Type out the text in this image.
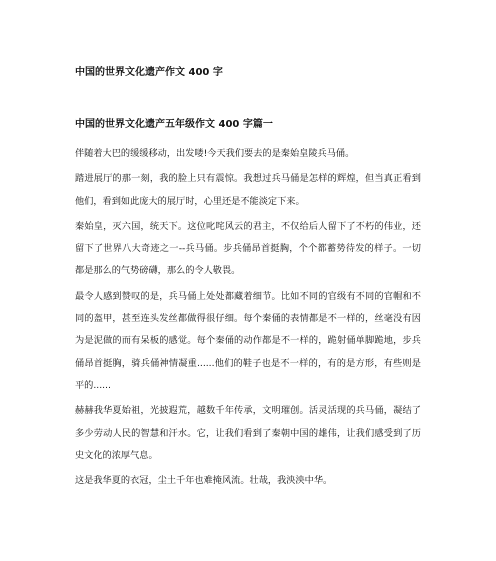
中国的世界文化遗产作文 400 字
中国的世界文化遗产五年级作文 400 字篇一

伴随着大巴的缓缓移动，出发喽!今天我们要去的是秦始皇陵兵马俑。

踏进展厅的那一刻，我的脸上只有震惊。我想过兵马俑是怎样的辉煌，但当真正看到他们，看到如此庞大的展厅时，心里还是不能淡定下来。

秦始皇，灭六国，统天下。这位叱咤风云的君主，不仅给后人留下了不朽的伟业，还留下了世界八大奇迹之一--兵马俑。步兵俑昂首挺胸，个个都蓄势待发的样子。一切都是那么的气势磅礴，那么的令人敬畏。

最令人感到赞叹的是，兵马俑上处处都藏着细节。比如不同的官级有不同的官帽和不同的盔甲，甚至连头发丝都做得很仔细。每个秦俑的表情都是不一样的，丝毫没有因为是泥做的而有呆板的感觉。每个秦俑的动作都是不一样的，跪射俑单脚跪地，步兵俑昂首挺胸，骑兵俑神情凝重......他们的鞋子也是不一样的，有的是方形，有些则是平的......

赫赫我华夏始祖，光披遐荒，越数千年传承，文明璀创。活灵活现的兵马俑，凝结了多少劳动人民的智慧和汗水。它，让我们看到了秦朝中国的雄伟，让我们感受到了历史文化的浓厚气息。

这是我华夏的衣冠，尘土千年也难掩风流。壮哉，我泱泱中华。
